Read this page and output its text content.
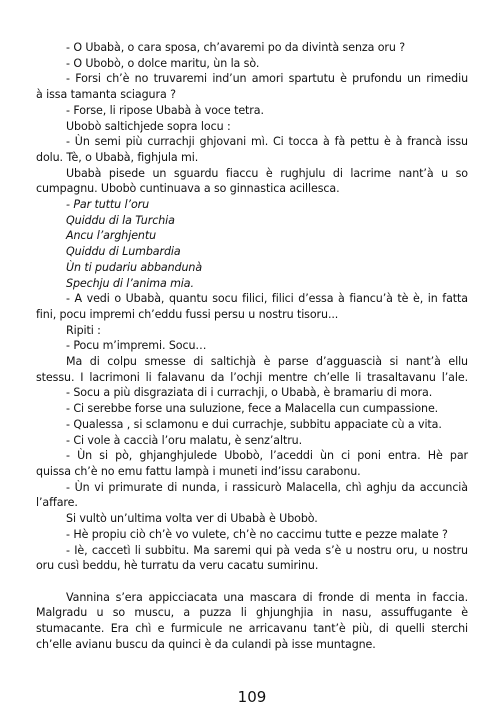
- O Ubabà, o cara sposa, ch’avaremi po da divintà senza oru ?
- O Ubobò, o dolce maritu, ùn la sò.
- Forsi ch’è no truvaremi ind’un amori spartutu è prufondu un rimediu
à issa tamanta sciagura ?
- Forse, li ripose Ubabà à voce tetra.
Ubobò saltichjede sopra locu :
- Ùn semi più currachji ghjovani mì. Ci tocca à fà pettu è à francà issu
dolu. Tè, o Ubabà, fighjula mi.
Ubabà pisede un sguardu fiaccu è rughjulu di lacrime nant’à u so
cumpagnu. Ubobò cuntinuava a so ginnastica acillesca.
- Par tuttu l’oru
Quiddu di la Turchia
Ancu l’arghjentu
Quiddu di Lumbardia
Ùn ti pudariu abbandunà
Spechju di l’anima mia.
- A vedi o Ubabà, quantu socu filici, filici d’essa à fiancu’à tè è, in fatta
fini, pocu impremi ch’eddu fussi persu u nostru tisoru...
Ripiti :
- Pocu m’impremi. Socu…
Ma di colpu smesse di saltichjà è parse d’agguascià si nant’à ellu
stessu. I lacrimoni li falavanu da l’ochji mentre ch’elle li trasaltavanu l’ale.
- Socu a più disgraziata di i currachji, o Ubabà, è bramariu di mora.
- Ci serebbe forse una suluzione, fece a Malacella cun cumpassione.
- Qualessa , si sclamonu e dui currachje, subbitu appaciate cù a vita.
- Ci vole à caccià l’oru malatu, è senz’altru.
- Ùn si pò, ghjanghjulede Ubobò, l’aceddi ùn ci poni entra. Hè par
quissa ch’è no emu fattu lampà i muneti ind’issu carabonu.
- Ùn vi primurate di nunda, i rassicurò Malacella, chì aghju da accuncià
l’affare.
Si vultò un’ultima volta ver di Ubabà è Ubobò.
- Hè propiu ciò ch’è vo vulete, ch’è no caccimu tutte e pezze malate ?
- Iè, caccetì li subbitu. Ma saremi qui pà veda s’è u nostru oru, u nostru
oru cusì beddu, hè turratu da veru cacatu sumirinu.
Vannina s’era appicciacata una mascara di fronde di menta in faccia.
Malgradu u so muscu, a puzza li ghjunghjia in nasu, assuffugante è
stumacante. Era chì e furmicule ne arricavanu tant’è più, di quelli sterchi
ch’elle avianu buscu da quinci è da culandi pà isse muntagne.
109
